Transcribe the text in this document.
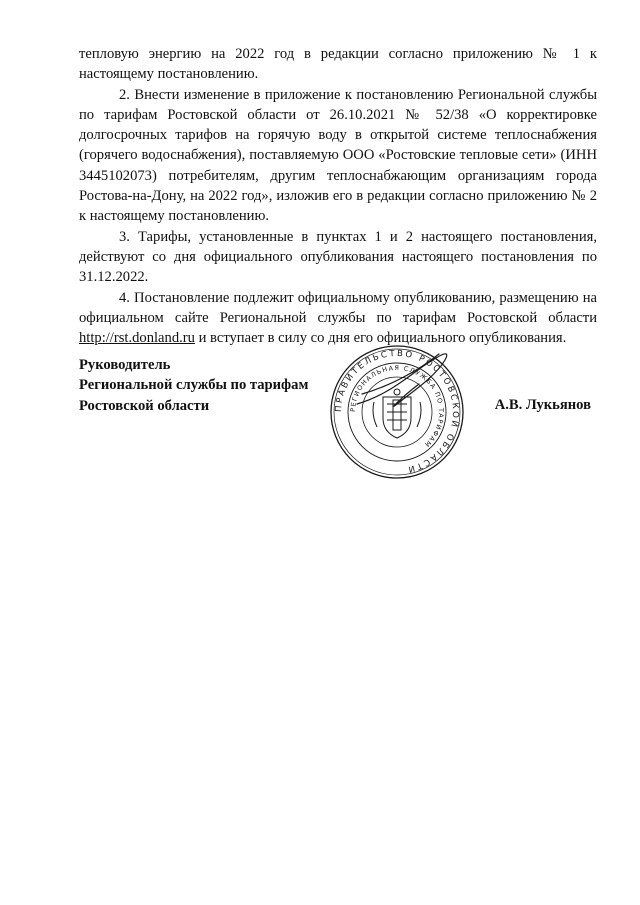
тепловую энергию на 2022 год в редакции согласно приложению № 1 к настоящему постановлению.

2. Внести изменение в приложение к постановлению Региональной службы по тарифам Ростовской области от 26.10.2021 № 52/38 «О корректировке долгосрочных тарифов на горячую воду в открытой системе теплоснабжения (горячего водоснабжения), поставляемую ООО «Ростовские тепловые сети» (ИНН 3445102073) потребителям, другим теплоснабжающим организациям города Ростова-на-Дону, на 2022 год», изложив его в редакции согласно приложению № 2 к настоящему постановлению.

3. Тарифы, установленные в пунктах 1 и 2 настоящего постановления, действуют со дня официального опубликования настоящего постановления по 31.12.2022.

4. Постановление подлежит официальному опубликованию, размещению на официальном сайте Региональной службы по тарифам Ростовской области http://rst.donland.ru и вступает в силу со дня его официального опубликования.

Руководитель

Региональной службы по тарифам

Ростовской области	А.В. Лукьянов
ПРАВИТЕЛЬСТВО РОСТОВСКОЙ ОБЛАСТИ
РЕГИОНАЛЬНАЯ СЛУЖБА ПО ТАРИФАМ
